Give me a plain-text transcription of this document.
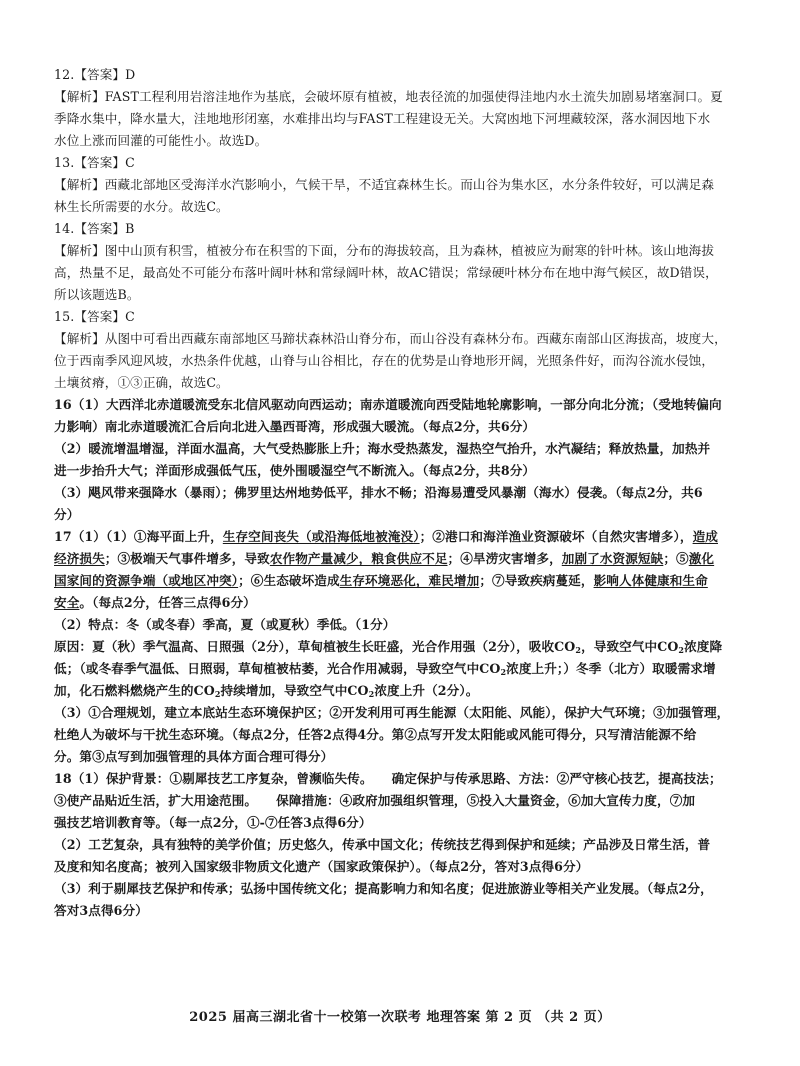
12.【答案】D

【解析】FAST工程利用岩溶洼地作为基底，会破坏原有植被，地表径流的加强使得洼地内水土流失加剧易堵塞洞口。夏

季降水集中，降水量大，洼地地形闭塞，水难排出均与FAST工程建设无关。大窝凼地下河埋藏较深，落水洞因地下水

水位上涨而回灌的可能性小。故选D。

13.【答案】C

【解析】西藏北部地区受海洋水汽影响小，气候干旱，不适宜森林生长。而山谷为集水区，水分条件较好，可以满足森

林生长所需要的水分。故选C。

14.【答案】B

【解析】图中山顶有积雪，植被分布在积雪的下面，分布的海拔较高，且为森林，植被应为耐寒的针叶林。该山地海拔

高，热量不足，最高处不可能分布落叶阔叶林和常绿阔叶林，故AC错误；常绿硬叶林分布在地中海气候区，故D错误，

所以该题选B。

15.【答案】C

【解析】从图中可看出西藏东南部地区马蹄状森林沿山脊分布，而山谷没有森林分布。西藏东南部山区海拔高，坡度大，

位于西南季风迎风坡，水热条件优越，山脊与山谷相比，存在的优势是山脊地形开阔，光照条件好，而沟谷流水侵蚀，

土壤贫瘠，①③正确，故选C。

16（1）大西洋北赤道暖流受东北信风驱动向西运动；南赤道暖流向西受陆地轮廓影响，一部分向北分流；（受地转偏向

力影响）南北赤道暖流汇合后向北进入墨西哥湾，形成强大暖流。（每点2分，共6分）

（2）暖流增温增湿，洋面水温高，大气受热膨胀上升；海水受热蒸发，湿热空气抬升，水汽凝结；释放热量，加热并

进一步抬升大气；洋面形成强低气压，使外围暖湿空气不断流入。（每点2分，共8分）

（3）飓风带来强降水（暴雨）；佛罗里达州地势低平，排水不畅；沿海易遭受风暴潮（海水）侵袭。（每点2分，共6

分）

17（1）（1）①海平面上升，生存空间丧失（或沿海低地被淹没）；②港口和海洋渔业资源破坏（自然灾害增多），造成

经济损失；③极端天气事件增多，导致农作物产量减少，粮食供应不足；④旱涝灾害增多，加剧了水资源短缺；⑤激化

国家间的资源争端（或地区冲突）；⑥生态破坏造成生存环境恶化，难民增加；⑦导致疾病蔓延，影响人体健康和生命

安全。（每点2分，任答三点得6分）

（2）特点：冬（或冬春）季高，夏（或夏秋）季低。（1分）

原因：夏（秋）季气温高、日照强（2分），草甸植被生长旺盛，光合作用强（2分），吸收$CO_2$，导致空气中$CO_2$浓度降

低；（或冬春季气温低、日照弱，草甸植被枯萎，光合作用减弱，导致空气中$CO_2$浓度上升；）冬季（北方）取暖需求增

加，化石燃料燃烧产生的$CO_2$持续增加，导致空气中$CO_2$浓度上升（2分）。

（3）①合理规划，建立本底站生态环境保护区；②开发利用可再生能源（太阳能、风能），保护大气环境；③加强管理，

杜绝人为破坏与干扰生态环境。（每点2分，任答2点得4分。第②点写开发太阳能或风能可得分，只写清洁能源不给

分。第③点写到加强管理的具体方面合理可得分）

18（1）保护背景：①剔犀技艺工序复杂，曾濒临失传。　　确定保护与传承思路、方法：②严守核心技艺，提高技法；

③使产品贴近生活，扩大用途范围。　　保障措施：④政府加强组织管理，⑤投入大量资金，⑥加大宣传力度，⑦加

强技艺培训教育等。（每一点2分，①-⑦任答3点得6分）

（2）工艺复杂，具有独特的美学价值；历史悠久，传承中国文化；传统技艺得到保护和延续；产品涉及日常生活，普

及度和知名度高；被列入国家级非物质文化遗产（国家政策保护）。（每点2分，答对3点得6分）

（3）利于剔犀技艺保护和传承；弘扬中国传统文化；提高影响力和知名度；促进旅游业等相关产业发展。（每点2分，

答对3点得6分）

2025 届高三湖北省十一校第一次联考 地理答案 第 2 页 （共 2 页）
